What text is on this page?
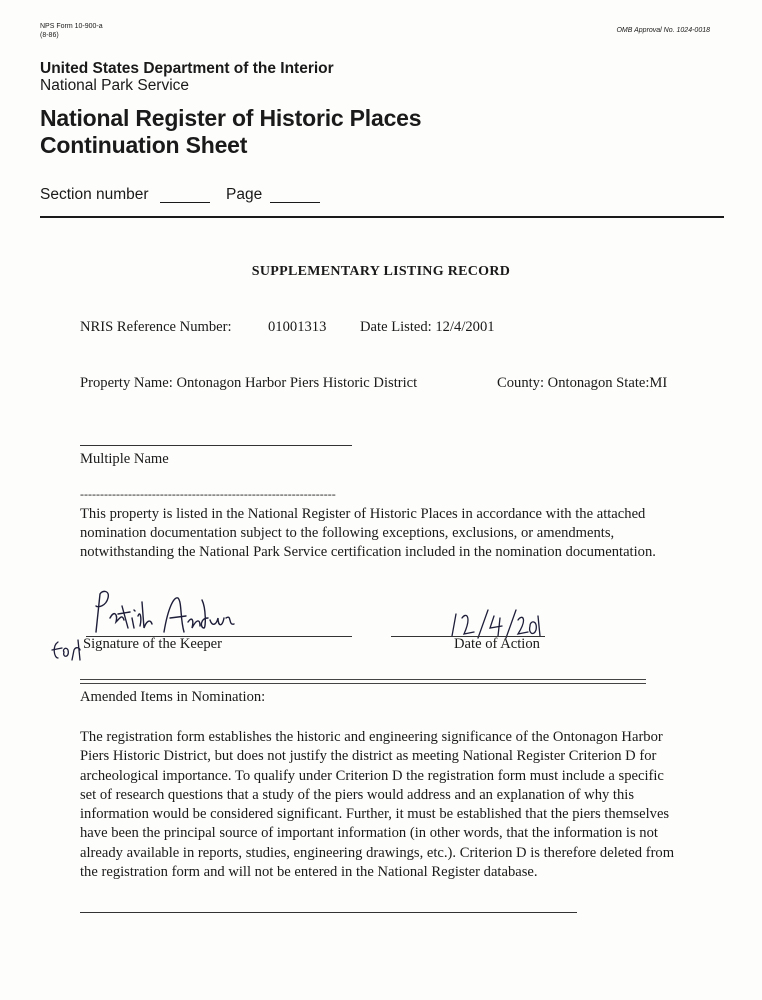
NPS Form 10-900-a
(8-86)
OMB Approval No. 1024-0018
United States Department of the Interior
National Park Service
National Register of Historic Places
Continuation Sheet
Section number	Page
SUPPLEMENTARY LISTING RECORD
NRIS Reference Number: 01001313 Date Listed: 12/4/2001
Property Name: Ontonagon Harbor Piers Historic District	County: Ontonagon State:MI
Multiple Name
----------------------------------------------------------------
This property is listed in the National Register of Historic Places in accordance with the attached nomination documentation subject to the following exceptions, exclusions, or amendments, notwithstanding the National Park Service certification included in the nomination documentation.
Signature of the Keeper	Date of Action
Amended Items in Nomination:
The registration form establishes the historic and engineering significance of the Ontonagon Harbor Piers Historic District, but does not justify the district as meeting National Register Criterion D for archeological importance. To qualify under Criterion D the registration form must include a specific set of research questions that a study of the piers would address and an explanation of why this information would be considered significant. Further, it must be established that the piers themselves have been the principal source of important information (in other words, that the information is not already available in reports, studies, engineering drawings, etc.). Criterion D is therefore deleted from the registration form and will not be entered in the National Register database.
